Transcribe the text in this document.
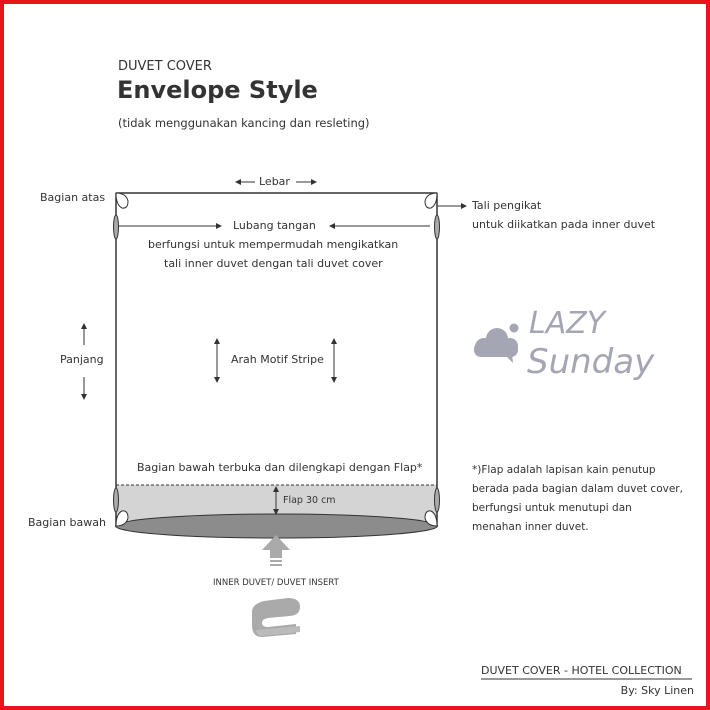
DUVET COVER
Envelope Style
(tidak menggunakan kancing dan resleting)
Lebar
Bagian atas
Panjang
Bagian bawah
Lubang tangan
berfungsi untuk mempermudah mengikatkan
tali inner duvet dengan tali duvet cover
Tali pengikat
untuk diikatkan pada inner duvet
Arah Motif Stripe
Bagian bawah terbuka dan dilengkapi dengan Flap*
Flap 30 cm
INNER DUVET/ DUVET INSERT
*)Flap adalah lapisan kain penutup
berada pada bagian dalam duvet cover,
berfungsi untuk menutupi dan
menahan inner duvet.
LAZY
Sunday
DUVET COVER - HOTEL COLLECTION
By: Sky Linen
